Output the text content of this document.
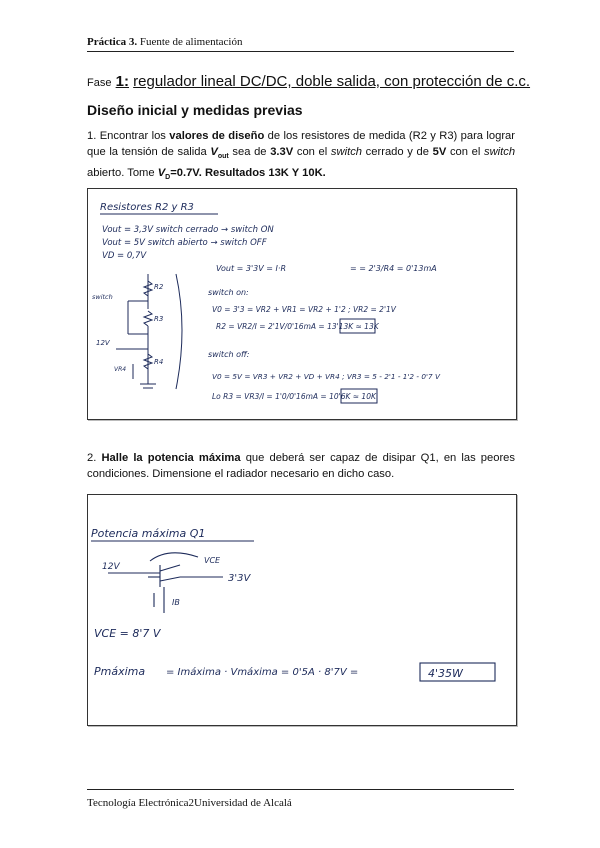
Práctica 3. Fuente de alimentación
Fase 1: regulador lineal DC/DC, doble salida, con protección de c.c.
Diseño inicial y medidas previas
1. Encontrar los valores de diseño de los resistores de medida (R2 y R3) para lograr que la tensión de salida $V_{out}$ sea de 3.3V con el switch cerrado y de 5V con el switch abierto. Tome $V_D=0.7V$. Resultados 13K Y 10K.
Resistores R2 y R3
Vout = 3,3V switch cerrado → switch ON
Vout = 5V switch abierto → switch OFF
VD = 0,7V
Vout = 3'3V = I·R	= = 2'3/R4 = 0'13mA
switch on:
V0 = 3'3 = VR2 + VR1 = VR2 + 1'2 ; VR2 = 2'1V
R2 = VR2/I = 2'1V/0'16mA = 13'13K ≈ 13K
switch off:
V0 = 5V = VR3 + VR2 + VD + VR4 ; VR3 = 5 - 2'1 - 1'2 - 0'7 V
Lo R3 = VR3/I = 1'0/0'16mA = 10'6K ≈ 10K
switch
R2
R3
R4
12V
VR4
2. Halle la potencia máxima que deberá ser capaz de disipar Q1, en las peores condiciones. Dimensione el radiador necesario en dicho caso.
Potencia máxima Q1
12V
3'3V
VCE
IB
VCE = 8'7 V
Pmáxima = Imáxima · Vmáxima = 0'5A · 8'7V =	4'35W
Tecnología Electrónica2Universidad de Alcalá
